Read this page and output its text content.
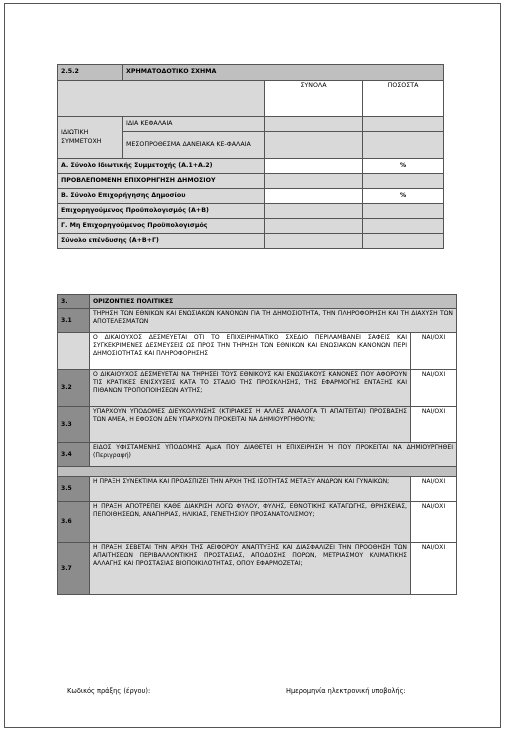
2.5.2	ΧΡΗΜΑΤΟΔΟΤΙΚΟ ΣΧΗΜΑ		
		ΣΥΝΟΛΑ	ΠΟΣΟΣΤΑ
ΙΔΙΩΤΙΚΗ ΣΥΜΜΕΤΟΧΗ	ΙΔΙΑ ΚΕΦΑΛΑΙΑ		
	ΜΕΣΟΠΡΟΘΕΣΜΑ ΔΑΝΕΙΑΚΑ ΚΕ-ΦΑΛΑΙΑ		
Α. Σύνολο Ιδιωτικής Συμμετοχής (Α.1+Α.2)			%
ΠΡΟΒΛΕΠΟΜΕΝΗ ΕΠΙΧΟΡΗΓΗΣΗ ΔΗΜΟΣΙΟΥ			
Β. Σύνολο Επιχορήγησης Δημοσίου			%
Επιχορηγούμενος Προϋπολογισμός (Α+Β)			
Γ. Μη Επιχορηγούμενος Προϋπολογισμός			
Σύνολο επένδυσης (Α+Β+Γ)			
3.	ΟΡΙΖΟΝΤΙΕΣ ΠΟΛΙΤΙΚΕΣ	
3.1	ΤΗΡΗΣΗ ΤΩΝ ΕΘΝΙΚΩΝ ΚΑΙ ΕΝΩΣΙΑΚΩΝ ΚΑΝΟΝΩΝ ΓΙΑ ΤΗ ΔΗΜΟΣΙΟΤΗΤΑ, ΤΗΝ ΠΛΗΡΟΦΟΡΗΣΗ ΚΑΙ ΤΗ ΔΙΑΧΥΣΗ ΤΩΝ ΑΠΟΤΕΛΕΣΜΑΤΩΝ	
	Ο ΔΙΚΑΙΟΥΧΟΣ ΔΕΣΜΕΥΕΤΑΙ ΟΤΙ ΤΟ ΕΠΙΧΕΙΡΗΜΑΤΙΚΟ ΣΧΕΔΙΟ ΠΕΡΙΛΑΜΒΑΝΕΙ ΣΑΦΕΙΣ ΚΑΙ ΣΥΓΚΕΚΡΙΜΕΝΕΣ ΔΕΣΜΕΥΣΕΙΣ ΩΣ ΠΡΟΣ ΤΗΝ ΤΗΡΗΣΗ ΤΩΝ ΕΘΝΙΚΩΝ ΚΑΙ ΕΝΩΣΙΑΚΩΝ ΚΑΝΟΝΩΝ ΠΕΡΙ ΔΗΜΟΣΙΟΤΗΤΑΣ ΚΑΙ ΠΛΗΡΟΦΟΡΗΣΗΣ	ΝΑΙ/ΟΧΙ
3.2	Ο ΔΙΚΑΙΟΥΧΟΣ ΔΕΣΜΕΥΕΤΑΙ ΝΑ ΤΗΡΗΣΕΙ ΤΟΥΣ ΕΘΝΙΚΟΥΣ ΚΑΙ ΕΝΩΣΙΑΚΟΥΣ ΚΑΝΟΝΕΣ ΠΟΥ ΑΦΟΡΟΥΝ ΤΙΣ ΚΡΑΤΙΚΕΣ ΕΝΙΣΧΥΣΕΙΣ ΚΑΤΑ ΤΟ ΣΤΑΔΙΟ ΤΗΣ ΠΡΟΣΚΛΗΣΗΣ, ΤΗΣ ΕΦΑΡΜΟΓΗΣ ΕΝΤΑΞΗΣ ΚΑΙ ΠΙΘΑΝΩΝ ΤΡΟΠΟΠΟΙΗΣΕΩΝ ΑΥΤΗΣ;	ΝΑΙ/ΟΧΙ
3.3	ΥΠΑΡΧΟΥΝ ΥΠΟΔΟΜΕΣ ΔΙΕΥΚΟΛΥΝΣΗΣ (ΚΤΙΡΙΑΚΕΣ Η ΑΛΛΕΣ ΑΝΑΛΟΓΑ ΤΙ ΑΠΑΙΤΕΙΤΑΙ) ΠΡΟΣΒΑΣΗΣ ΤΩΝ ΑΜΕΑ, Η ΕΦΟΣΟΝ ΔΕΝ ΥΠΑΡΧΟΥΝ ΠΡΟΚΕΙΤΑΙ ΝΑ ΔΗΜΙΟΥΡΓΗΘΟΥΝ;	ΝΑΙ/ΟΧΙ
3.4	ΕΙΔΟΣ ΥΦΙΣΤΑΜΕΝΗΣ ΥΠΟΔΟΜΗΣ ΑμεΑ ΠΟΥ ΔΙΑΘΕΤΕΙ Η ΕΠΙΧΕΙΡΗΣΗ Ή ΠΟΥ ΠΡΟΚΕΙΤΑΙ ΝΑ ΔΗΜΙΟΥΡΓΗΘΕΙ (Περιγραφή)	

3.5	Η ΠΡΑΞΗ ΣΥΝΕΚΤΙΜΑ ΚΑΙ ΠΡΟΑΣΠΙΖΕΙ ΤΗΝ ΑΡΧΗ ΤΗΣ ΙΣΟΤΗΤΑΣ ΜΕΤΑΞΥ ΑΝΔΡΩΝ ΚΑΙ ΓΥΝΑΙΚΩΝ;	ΝΑΙ/ΟΧΙ
3.6	Η ΠΡΑΞΗ ΑΠΟΤΡΕΠΕΙ ΚΑΘΕ ΔΙΑΚΡΙΣΗ ΛΟΓΩ ΦΥΛΟΥ, ΦΥΛΗΣ, ΕΘΝΟΤΙΚΗΣ ΚΑΤΑΓΩΓΗΣ, ΘΡΗΣΚΕΙΑΣ, ΠΕΠΟΙΘΗΣΕΩΝ, ΑΝΑΠΗΡΙΑΣ, ΗΛΙΚΙΑΣ, ΓΕΝΕΤΗΣΙΟΥ ΠΡΟΣΑΝΑΤΟΛΙΣΜΟΥ;	ΝΑΙ/ΟΧΙ
3.7	Η ΠΡΑΞΗ ΣΕΒΕΤΑΙ ΤΗΝ ΑΡΧΗ ΤΗΣ ΑΕΙΦΟΡΟΥ ΑΝΑΠΤΥΞΗΣ ΚΑΙ ΔΙΑΣΦΑΛΙΖΕΙ ΤΗΝ ΠΡΟΟΘΗΣΗ ΤΩΝ ΑΠΑΙΤΗΣΕΩΝ ΠΕΡΙΒΑΛΛΟΝΤΙΚΗΣ ΠΡΟΣΤΑΣΙΑΣ, ΑΠΟΔΟΣΗΣ ΠΟΡΩΝ, ΜΕΤΡΙΑΣΜΟΥ ΚΛΙΜΑΤΙΚΗΣ ΑΛΛΑΓΗΣ ΚΑΙ ΠΡΟΣΤΑΣΙΑΣ ΒΙΟΠΟΙΚΙΛΟΤΗΤΑΣ, ΟΠΟΥ ΕΦΑΡΜΟΖΕΤΑΙ;	ΝΑΙ/ΟΧΙ
Κωδικός πράξης (έργου):	Ημερομηνία ηλεκτρονική υποβολής:
